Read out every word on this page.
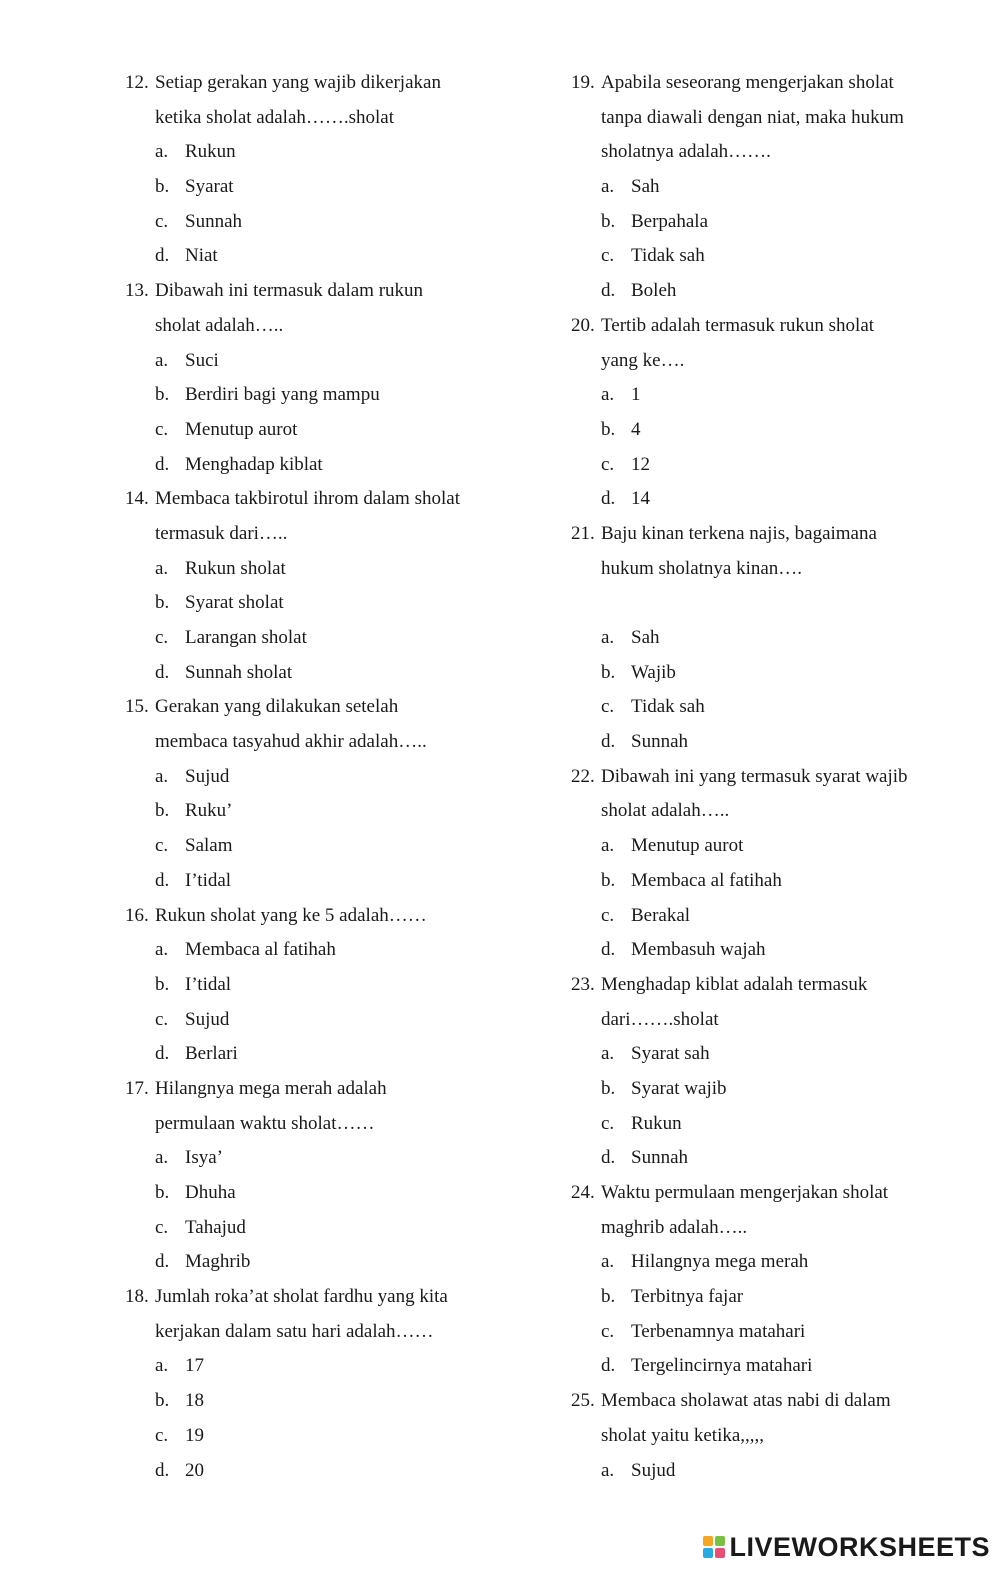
12. Setiap gerakan yang wajib dikerjakan
ketika sholat adalah…….sholat
a. Rukun
b. Syarat
c. Sunnah
d. Niat
13. Dibawah ini termasuk dalam rukun
sholat adalah…..
a. Suci
b. Berdiri bagi yang mampu
c. Menutup aurot
d. Menghadap kiblat
14. Membaca takbirotul ihrom dalam sholat
termasuk dari…..
a. Rukun sholat
b. Syarat sholat
c. Larangan sholat
d. Sunnah sholat
15. Gerakan yang dilakukan setelah
membaca tasyahud akhir adalah…..
a. Sujud
b. Ruku’
c. Salam
d. I’tidal
16. Rukun sholat yang ke 5 adalah……
a. Membaca al fatihah
b. I’tidal
c. Sujud
d. Berlari
17. Hilangnya mega merah adalah
permulaan waktu sholat……
a. Isya’
b. Dhuha
c. Tahajud
d. Maghrib
18. Jumlah roka’at sholat fardhu yang kita
kerjakan dalam satu hari adalah……
a. 17
b. 18
c. 19
d. 20
19. Apabila seseorang mengerjakan sholat
tanpa diawali dengan niat, maka hukum
sholatnya adalah…….
a. Sah
b. Berpahala
c. Tidak sah
d. Boleh
20. Tertib adalah termasuk rukun sholat
yang ke….
a. 1
b. 4
c. 12
d. 14
21. Baju kinan terkena najis, bagaimana
hukum sholatnya kinan….
a. Sah
b. Wajib
c. Tidak sah
d. Sunnah
22. Dibawah ini yang termasuk syarat wajib
sholat adalah…..
a. Menutup aurot
b. Membaca al fatihah
c. Berakal
d. Membasuh wajah
23. Menghadap kiblat adalah termasuk
dari…….sholat
a. Syarat sah
b. Syarat wajib
c. Rukun
d. Sunnah
24. Waktu permulaan mengerjakan sholat
maghrib adalah…..
a. Hilangnya mega merah
b. Terbitnya fajar
c. Terbenamnya matahari
d. Tergelincirnya matahari
25. Membaca sholawat atas nabi di dalam
sholat yaitu ketika,,,,,
a. Sujud
LIVEWORKSHEETS
